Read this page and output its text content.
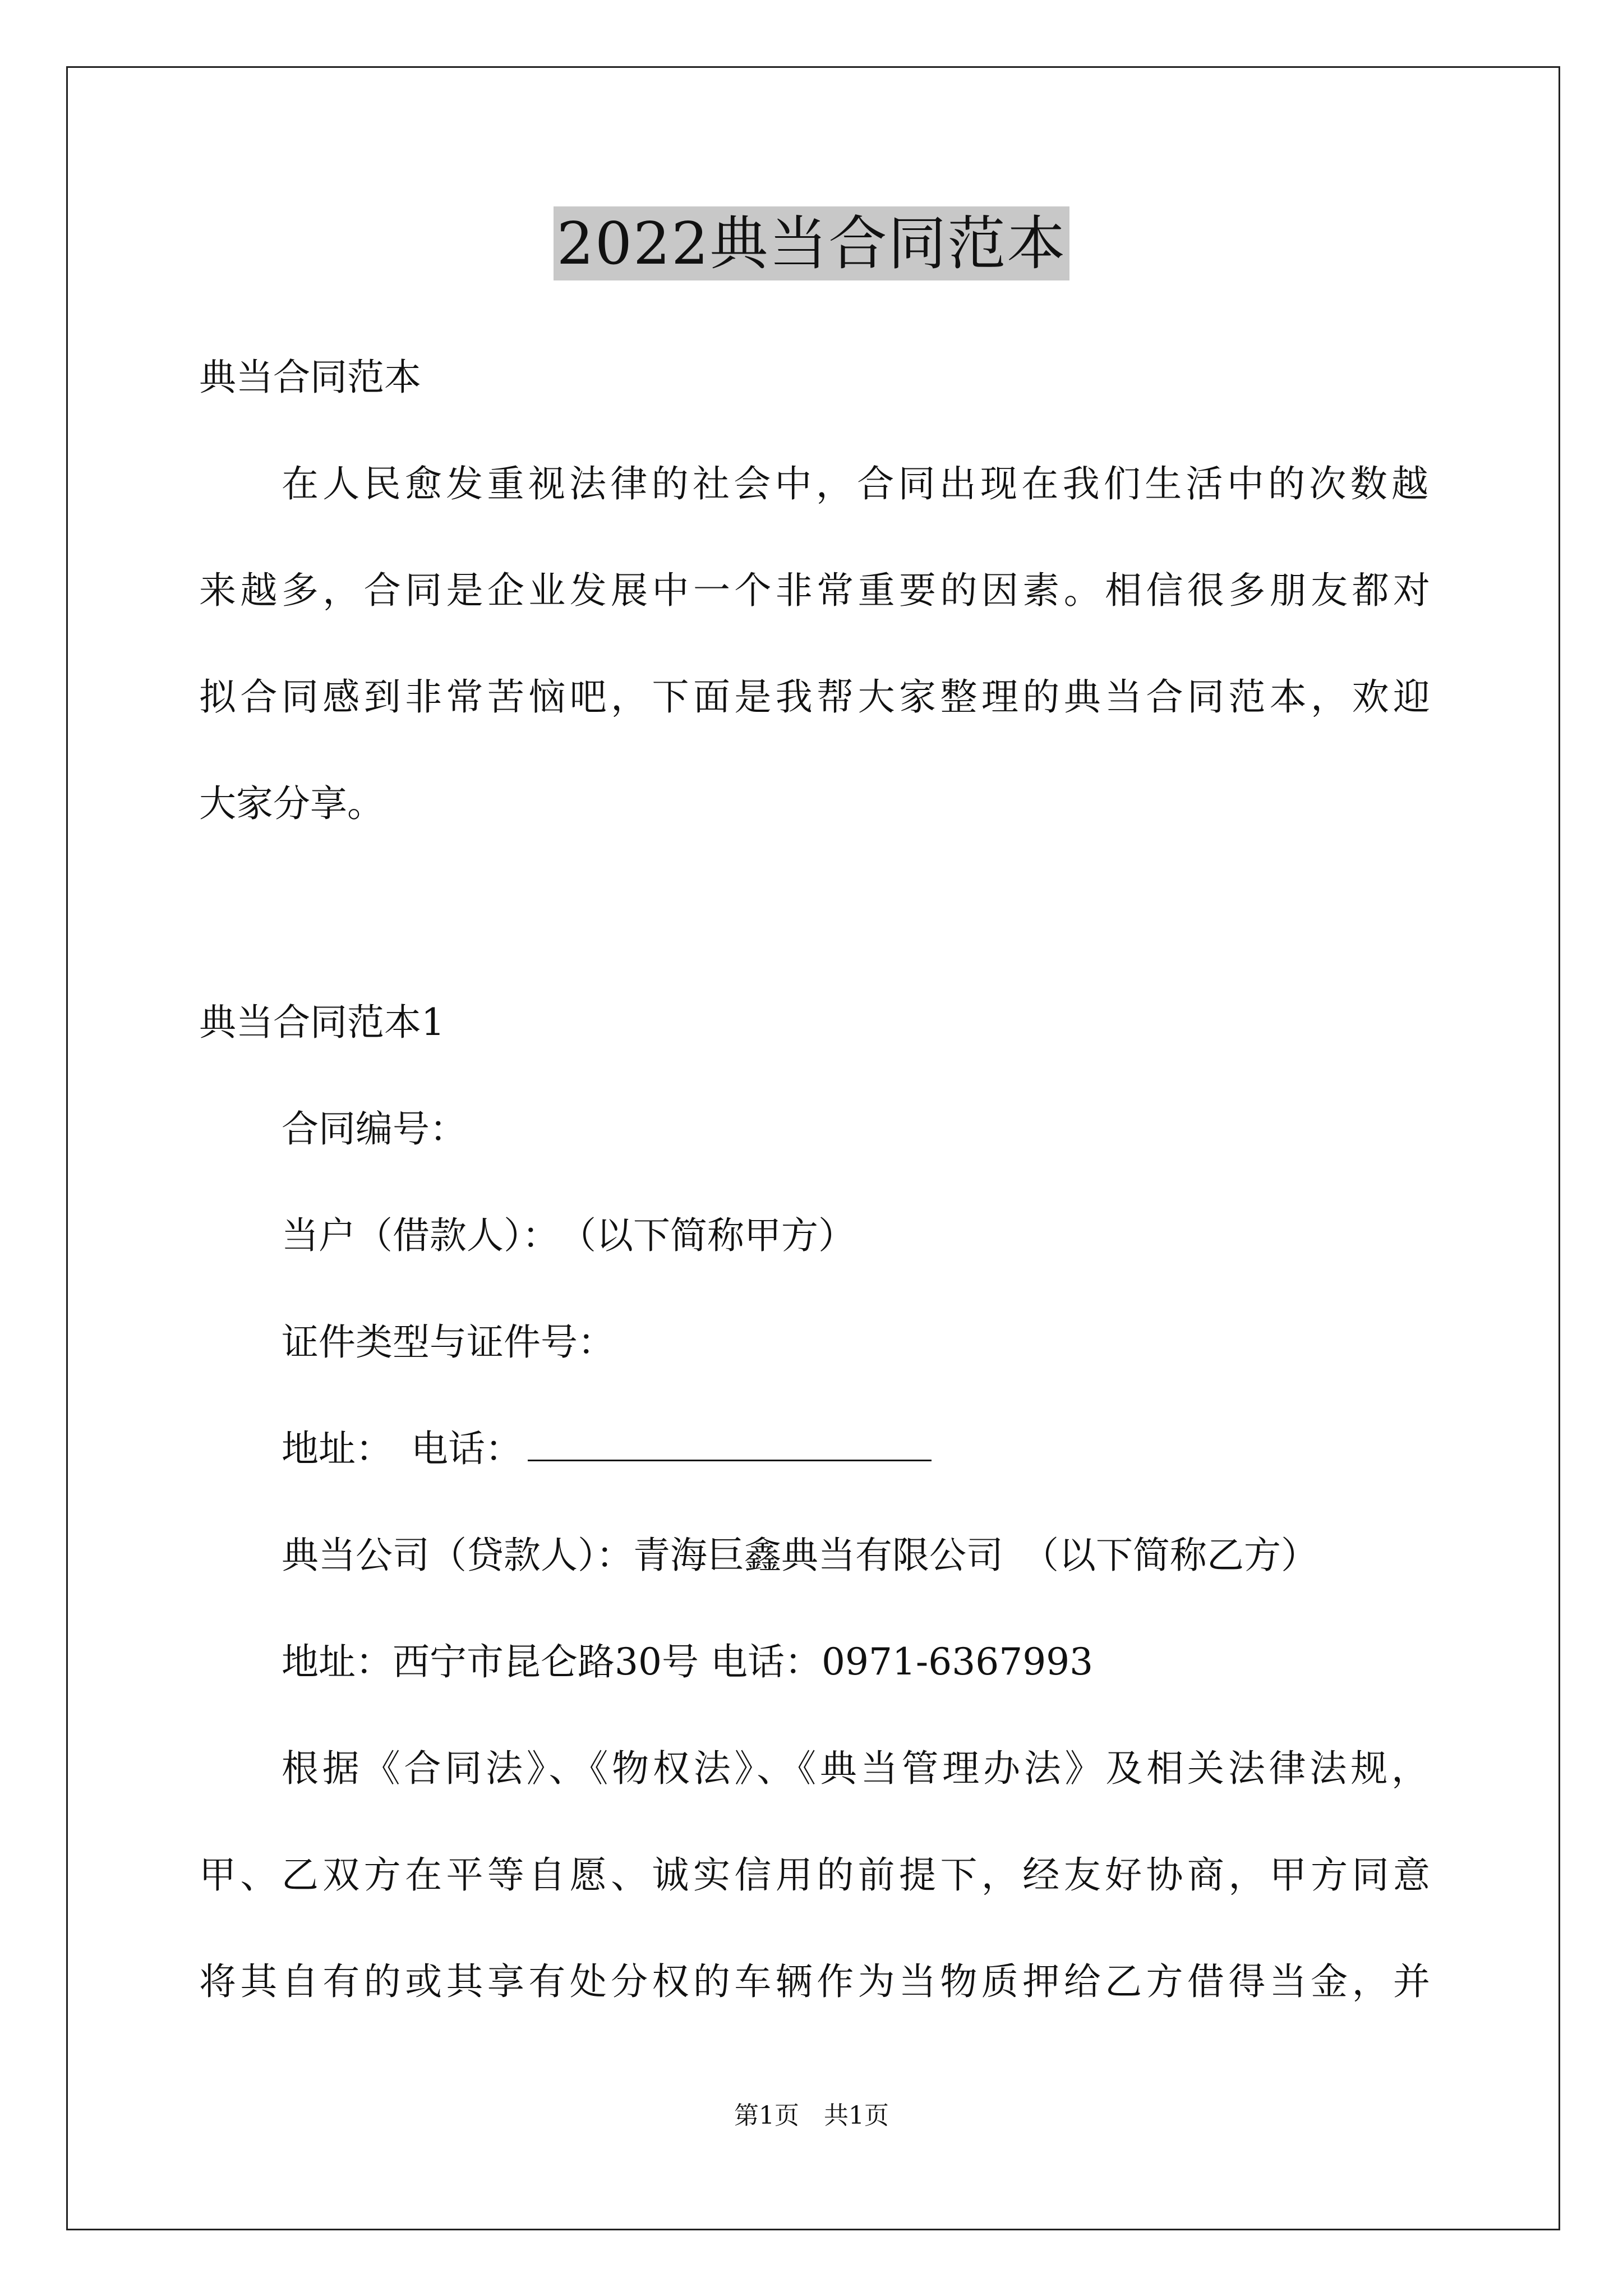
2022典当合同范本
典当合同范本
在人民愈发重视法律的社会中，合同出现在我们生活中的次数越
来越多，合同是企业发展中一个非常重要的因素。相信很多朋友都对
拟合同感到非常苦恼吧，下面是我帮大家整理的典当合同范本，欢迎
大家分享。
典当合同范本1
合同编号：
当户（借款人）：　（以下简称甲方）
证件类型与证件号：
地址：　电话：
典当公司（贷款人）：青海巨鑫典当有限公司　（以下简称乙方）
地址：西宁市昆仑路30号 电话：0971-6367993
根据《合同法》、《物权法》、《典当管理办法》及相关法律法规，
甲、乙双方在平等自愿、诚实信用的前提下，经友好协商，甲方同意
将其自有的或其享有处分权的车辆作为当物质押给乙方借得当金，并
第1页　共1页
